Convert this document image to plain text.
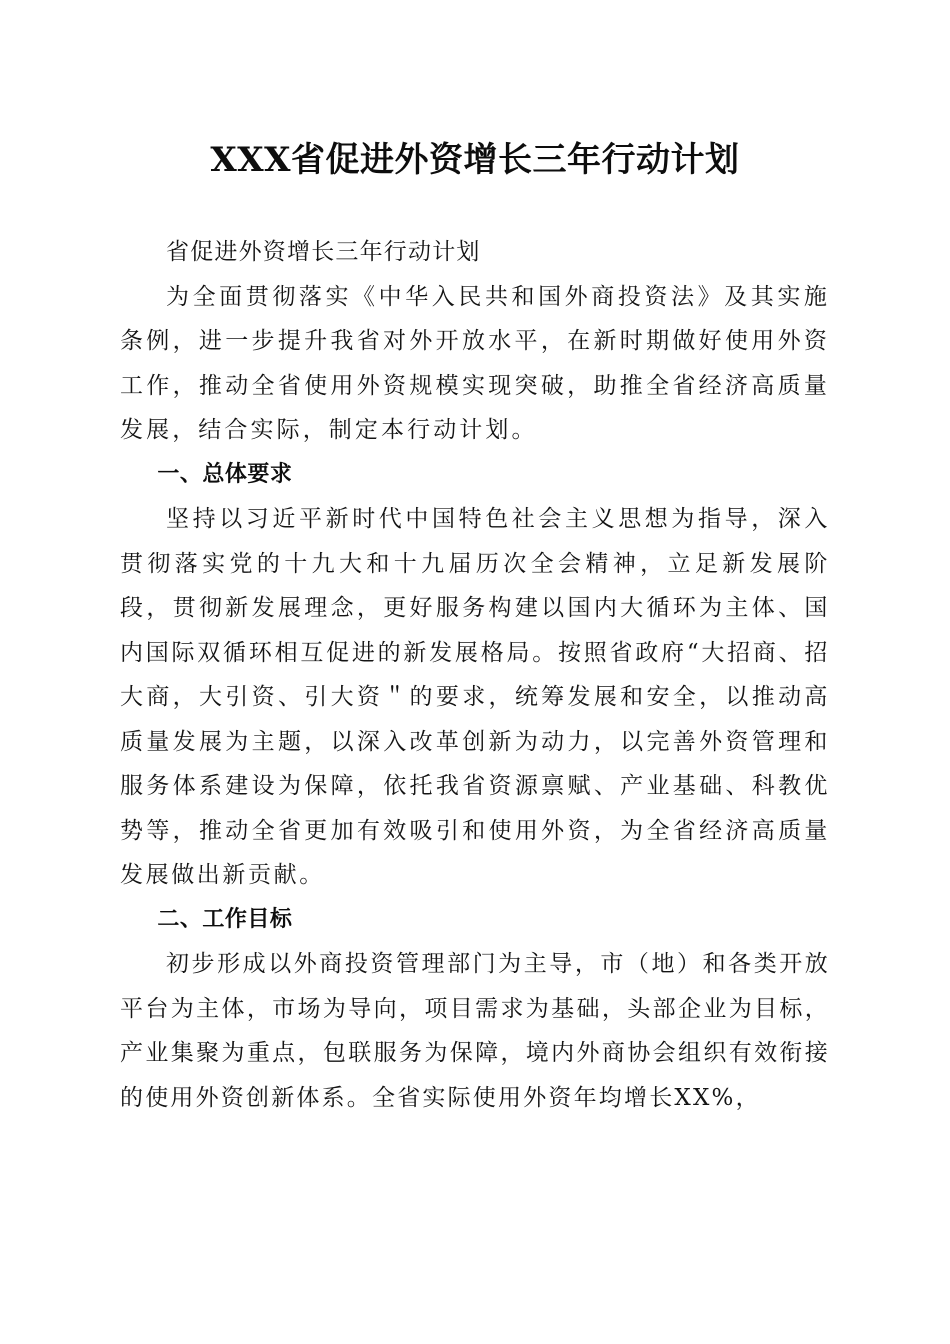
XXX省促进外资增长三年行动计划

省促进外资增长三年行动计划

为全面贯彻落实《中华入民共和国外商投资法》及其实施条例，进一步提升我省对外开放水平，在新时期做好使用外资工作，推动全省使用外资规模实现突破，助推全省经济高质量发展，结合实际，制定本行动计划。

一、总体要求

坚持以习近平新时代中国特色社会主义思想为指导，深入贯彻落实党的十九大和十九届历次全会精神，立足新发展阶段，贯彻新发展理念，更好服务构建以国内大循环为主体、国内国际双循环相互促进的新发展格局。按照省政府“大招商、招大商，大引资、引大资＂的要求，统筹发展和安全，以推动高质量发展为主题，以深入改革创新为动力，以完善外资管理和服务体系建设为保障，依托我省资源禀赋、产业基础、科教优势等，推动全省更加有效吸引和使用外资，为全省经济高质量发展做出新贡献。

二、工作目标

初步形成以外商投资管理部门为主导，市（地）和各类开放平台为主体，市场为导向，项目需求为基础，头部企业为目标，产业集聚为重点，包联服务为保障，境内外商协会组织有效衔接的使用外资创新体系。全省实际使用外资年均增长XX%，
